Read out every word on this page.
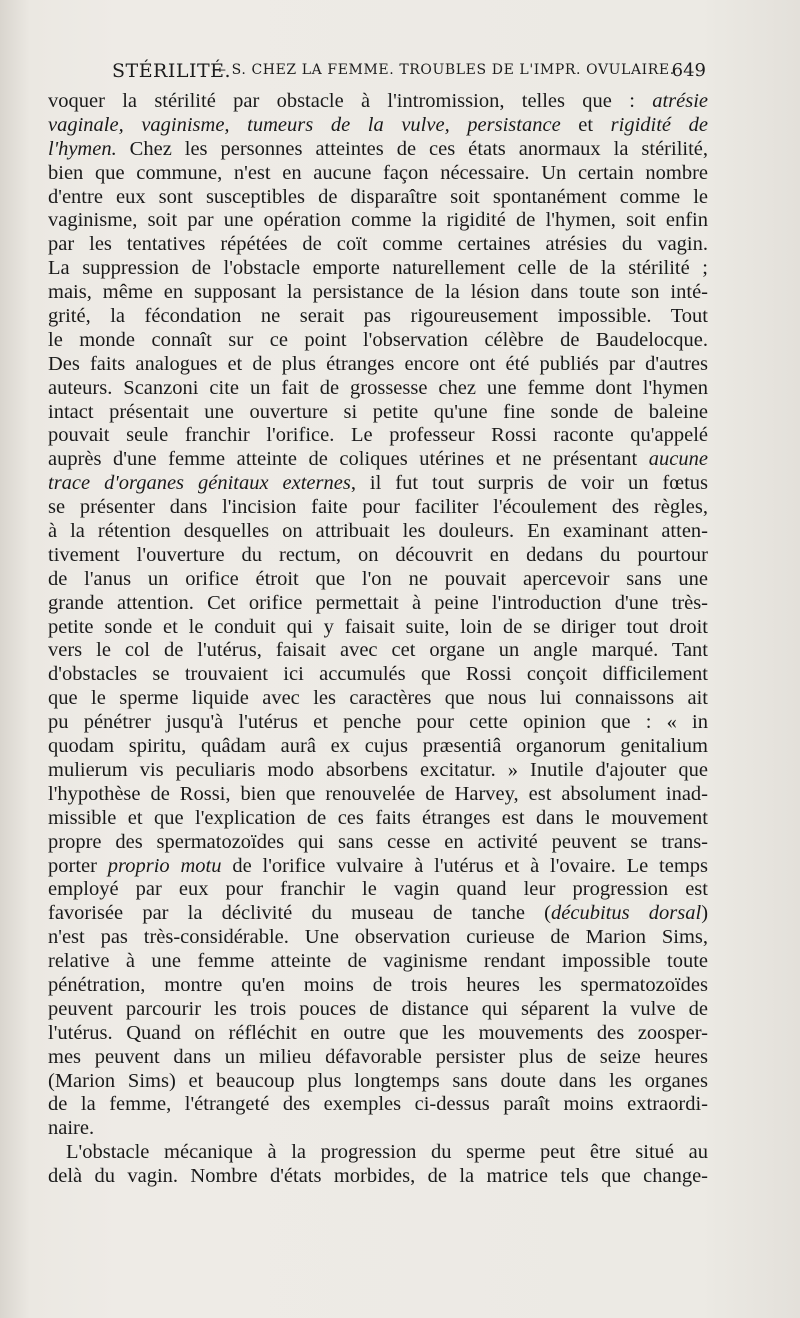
STÉRILITÉ.
— S. CHEZ LA FEMME. TROUBLES DE L'IMPR. OVULAIRE.
649
voquer la stérilité par obstacle à l'intromission, telles que : atrésie
vaginale, vaginisme, tumeurs de la vulve, persistance et rigidité de
l'hymen. Chez les personnes atteintes de ces états anormaux la stérilité,
bien que commune, n'est en aucune façon nécessaire. Un certain nombre
d'entre eux sont susceptibles de disparaître soit spontanément comme le
vaginisme, soit par une opération comme la rigidité de l'hymen, soit enfin
par les tentatives répétées de coït comme certaines atrésies du vagin.
La suppression de l'obstacle emporte naturellement celle de la stérilité ;
mais, même en supposant la persistance de la lésion dans toute son inté-
grité, la fécondation ne serait pas rigoureusement impossible. Tout
le monde connaît sur ce point l'observation célèbre de Baudelocque.
Des faits analogues et de plus étranges encore ont été publiés par d'autres
auteurs. Scanzoni cite un fait de grossesse chez une femme dont l'hymen
intact présentait une ouverture si petite qu'une fine sonde de baleine
pouvait seule franchir l'orifice. Le professeur Rossi raconte qu'appelé
auprès d'une femme atteinte de coliques utérines et ne présentant aucune
trace d'organes génitaux externes, il fut tout surpris de voir un fœtus
se présenter dans l'incision faite pour faciliter l'écoulement des règles,
à la rétention desquelles on attribuait les douleurs. En examinant atten-
tivement l'ouverture du rectum, on découvrit en dedans du pourtour
de l'anus un orifice étroit que l'on ne pouvait apercevoir sans une
grande attention. Cet orifice permettait à peine l'introduction d'une très-
petite sonde et le conduit qui y faisait suite, loin de se diriger tout droit
vers le col de l'utérus, faisait avec cet organe un angle marqué. Tant
d'obstacles se trouvaient ici accumulés que Rossi conçoit difficilement
que le sperme liquide avec les caractères que nous lui connaissons ait
pu pénétrer jusqu'à l'utérus et penche pour cette opinion que : « in
quodam spiritu, quâdam aurâ ex cujus præsentiâ organorum genitalium
mulierum vis peculiaris modo absorbens excitatur. » Inutile d'ajouter que
l'hypothèse de Rossi, bien que renouvelée de Harvey, est absolument inad-
missible et que l'explication de ces faits étranges est dans le mouvement
propre des spermatozoïdes qui sans cesse en activité peuvent se trans-
porter proprio motu de l'orifice vulvaire à l'utérus et à l'ovaire. Le temps
employé par eux pour franchir le vagin quand leur progression est
favorisée par la déclivité du museau de tanche (décubitus dorsal)
n'est pas très-considérable. Une observation curieuse de Marion Sims,
relative à une femme atteinte de vaginisme rendant impossible toute
pénétration, montre qu'en moins de trois heures les spermatozoïdes
peuvent parcourir les trois pouces de distance qui séparent la vulve de
l'utérus. Quand on réfléchit en outre que les mouvements des zoosper-
mes peuvent dans un milieu défavorable persister plus de seize heures
(Marion Sims) et beaucoup plus longtemps sans doute dans les organes
de la femme, l'étrangeté des exemples ci-dessus paraît moins extraordi-
naire.
L'obstacle mécanique à la progression du sperme peut être situé au
delà du vagin. Nombre d'états morbides, de la matrice tels que change-
